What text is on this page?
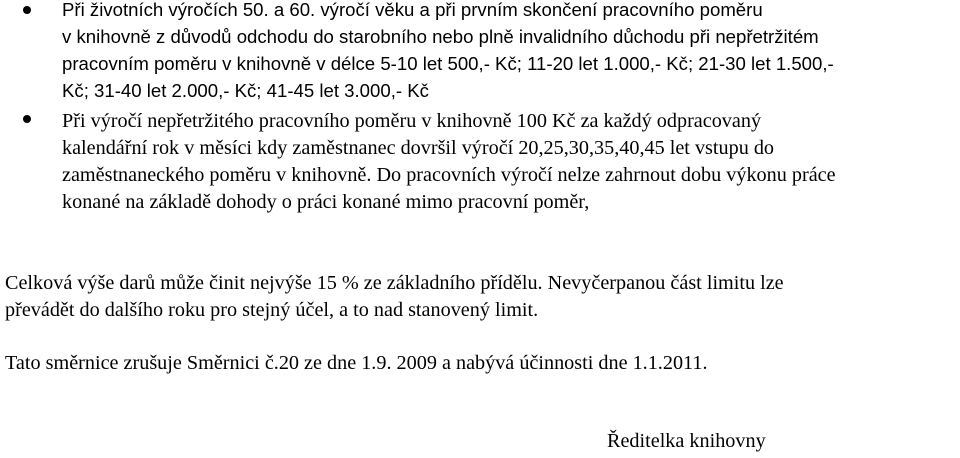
Při životních výročích 50. a 60. výročí věku a při prvním skončení pracovního poměru
v knihovně z důvodů odchodu do starobního nebo plně invalidního důchodu při nepřetržitém
pracovním poměru v knihovně v délce 5-10 let 500,- Kč; 11-20 let 1.000,- Kč; 21-30 let 1.500,-
Kč; 31-40 let 2.000,- Kč; 41-45 let 3.000,- Kč
Při výročí nepřetržitého pracovního poměru v knihovně 100 Kč za každý odpracovaný
kalendářní rok v měsíci kdy zaměstnanec dovršil výročí 20,25,30,35,40,45 let vstupu do
zaměstnaneckého poměru v knihovně. Do pracovních výročí nelze zahrnout dobu výkonu práce
konané na základě dohody o práci konané mimo pracovní poměr,
Celková výše darů může činit nejvýše 15 % ze základního přídělu. Nevyčerpanou část limitu lze
převádět do dalšího roku pro stejný účel, a to nad stanovený limit.
Tato směrnice zrušuje Směrnici č.20 ze dne 1.9. 2009 a nabývá účinnosti dne 1.1.2011.
Ředitelka knihovny
